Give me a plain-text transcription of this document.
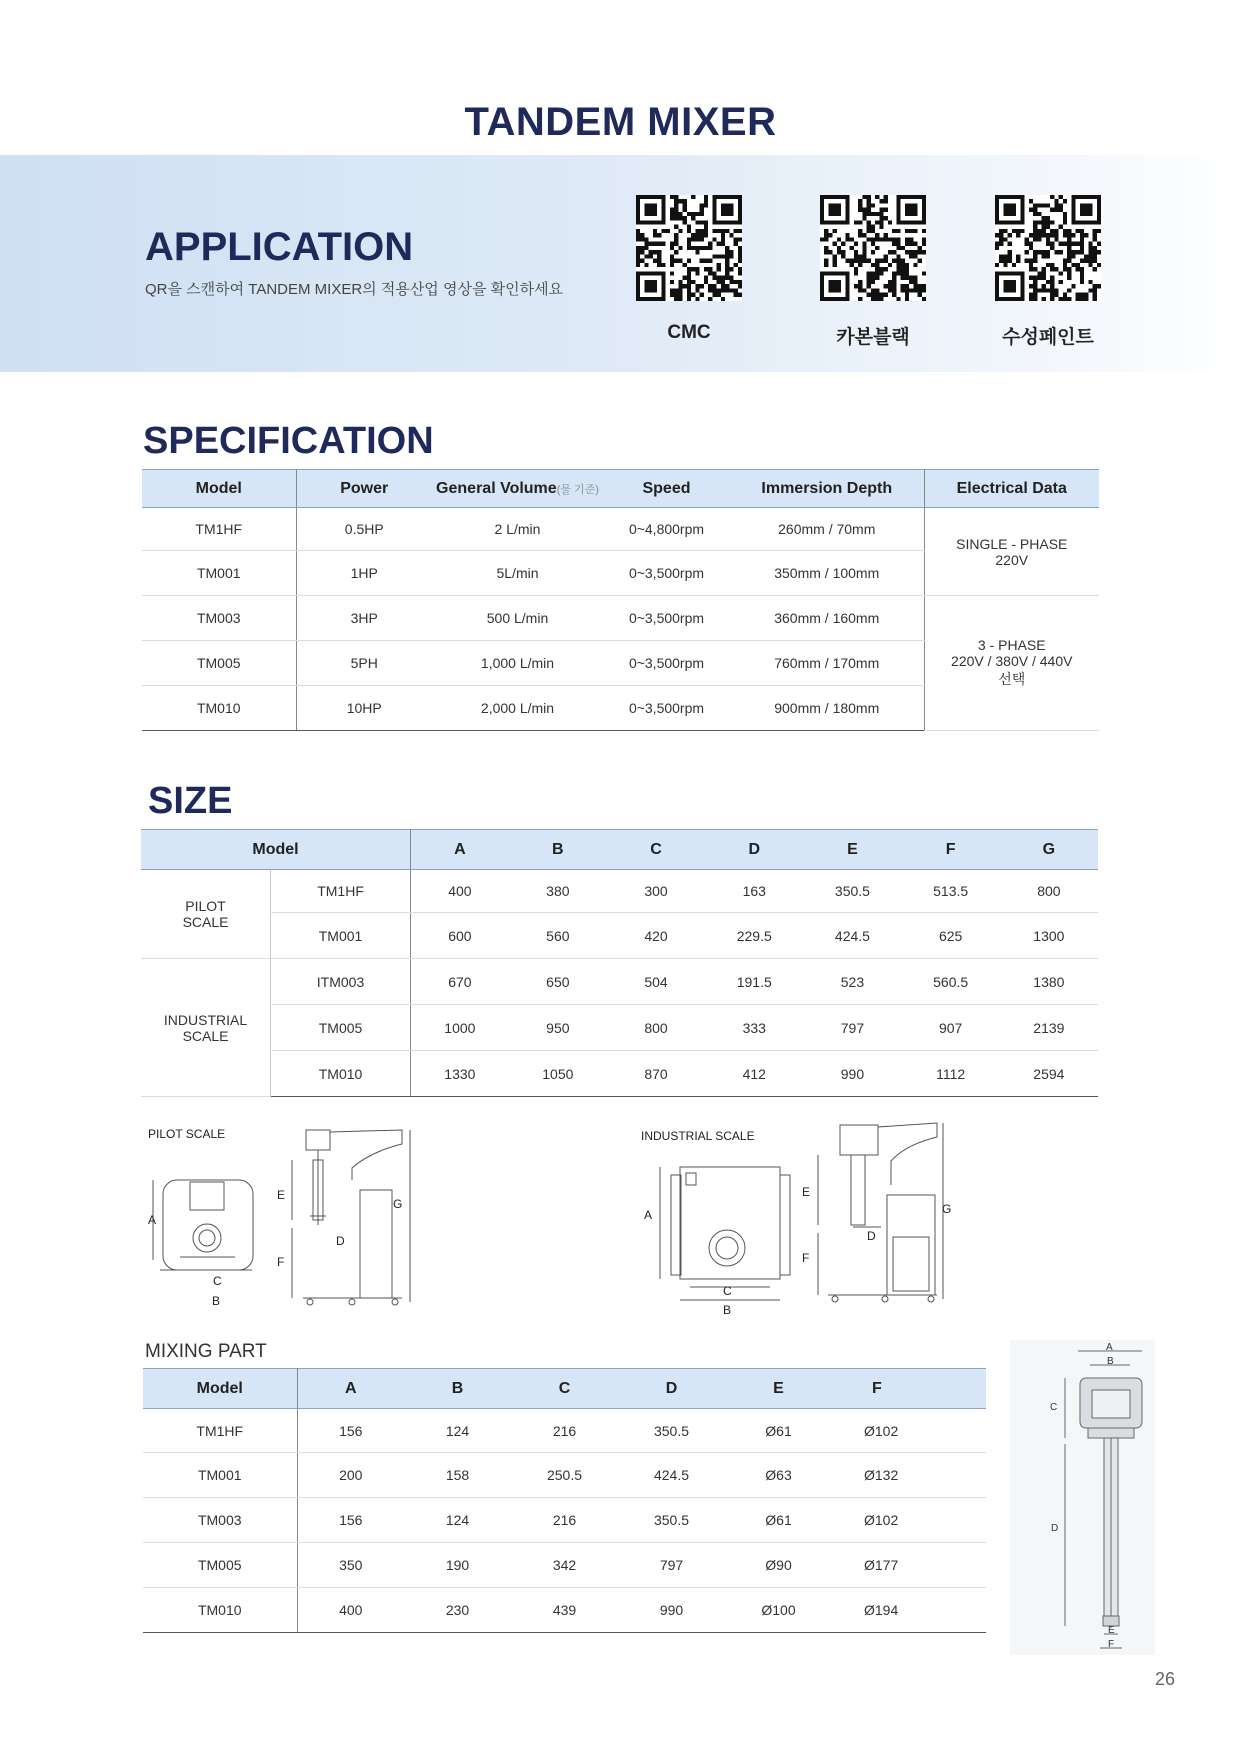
TANDEM MIXER
APPLICATION
QR을 스캔하여 TANDEM MIXER의 적용산업 영상을 확인하세요
CMC	카본블랙	수성페인트
SPECIFICATION
Model	Power	General Volume(물 기준)	Speed	Immersion Depth	Electrical Data
TM1HF	0.5HP	2 L/min	0~4,800rpm	260mm / 70mm	SINGLE - PHASE
220V

TM001	1HP	5L/min	0~3,500rpm	350mm / 100mm	
TM003	3HP	500 L/min	0~3,500rpm	360mm / 160mm	3 - PHASE
220V / 380V / 440V
선택

TM005	5PH	1,000 L/min	0~3,500rpm	760mm / 170mm	
TM010	10HP	2,000 L/min	0~3,500rpm	900mm / 180mm	
SIZE
Model		A	B	C	D	E	F	G

PILOT
SCALE	TM1HF	400	380	300	163	350.5	513.5	800
	TM001	600	560	420	229.5	424.5	625	1300

INDUSTRIAL
SCALE	ITM003	670	650	504	191.5	523	560.5	1380
	TM005	1000	950	800	333	797	907	2139
	TM010	1330	1050	870	412	990	1112	2594
PILOT SCALE
A
B
C
D
E
F
G
INDUSTRIAL SCALE
A
B
C
D
E
F
G
MIXING PART
Model	A	B	C	D	E	F
TM1HF	156	124	216	350.5	Ø61	Ø102
TM001	200	158	250.5	424.5	Ø63	Ø132
TM003	156	124	216	350.5	Ø61	Ø102
TM005	350	190	342	797	Ø90	Ø177
TM010	400	230	439	990	Ø100	Ø194
A
B
C
D
E
F
26
